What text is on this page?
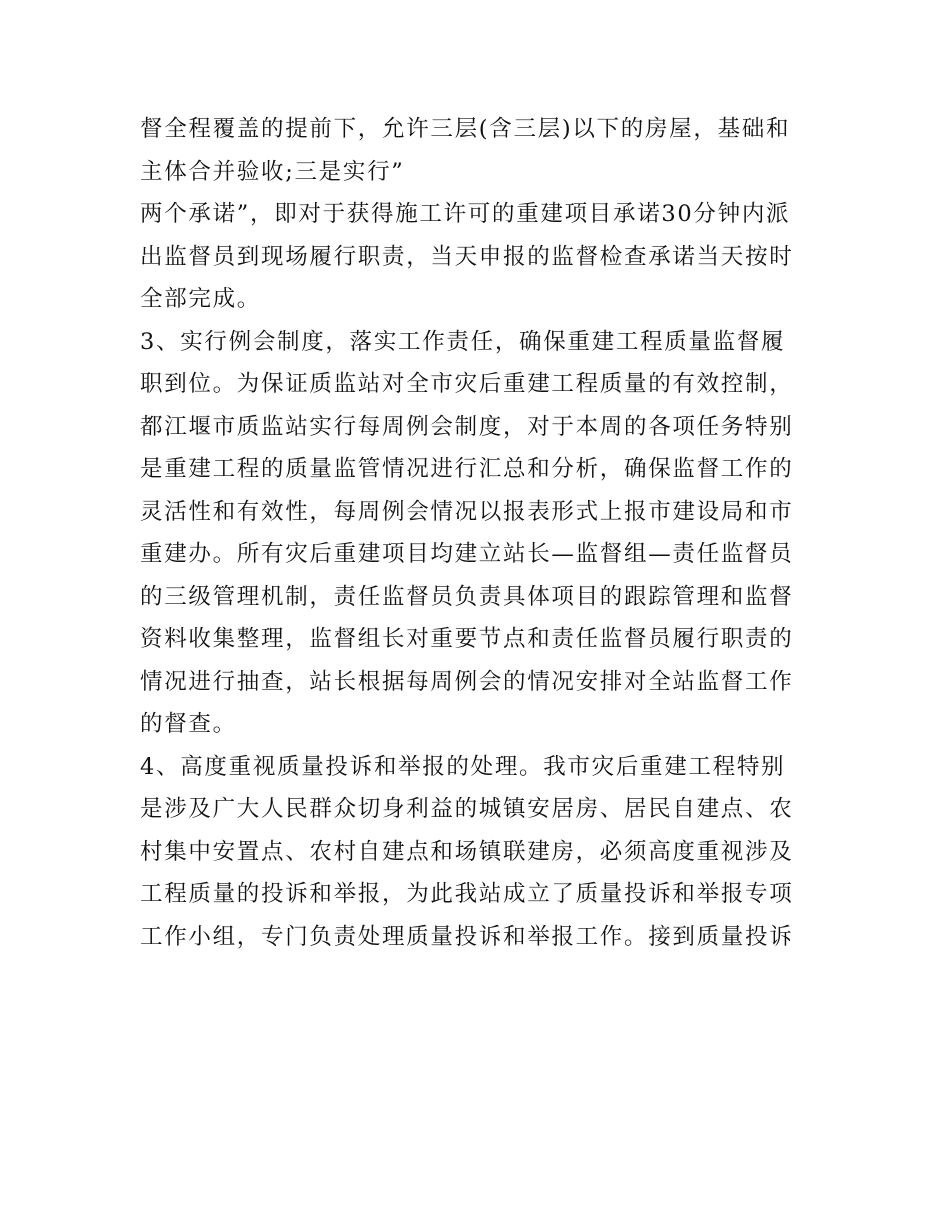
督全程覆盖的提前下，允许三层(含三层)以下的房屋，基础和
主体合并验收;三是实行”
两个承诺”，即对于获得施工许可的重建项目承诺30分钟内派
出监督员到现场履行职责，当天申报的监督检查承诺当天按时
全部完成。
3、实行例会制度，落实工作责任，确保重建工程质量监督履
职到位。为保证质监站对全市灾后重建工程质量的有效控制，
都江堰市质监站实行每周例会制度，对于本周的各项任务特别
是重建工程的质量监管情况进行汇总和分析，确保监督工作的
灵活性和有效性，每周例会情况以报表形式上报市建设局和市
重建办。所有灾后重建项目均建立站长—监督组—责任监督员
的三级管理机制，责任监督员负责具体项目的跟踪管理和监督
资料收集整理，监督组长对重要节点和责任监督员履行职责的
情况进行抽查，站长根据每周例会的情况安排对全站监督工作
的督查。
4、高度重视质量投诉和举报的处理。我市灾后重建工程特别
是涉及广大人民群众切身利益的城镇安居房、居民自建点、农
村集中安置点、农村自建点和场镇联建房，必须高度重视涉及
工程质量的投诉和举报，为此我站成立了质量投诉和举报专项
工作小组，专门负责处理质量投诉和举报工作。接到质量投诉
